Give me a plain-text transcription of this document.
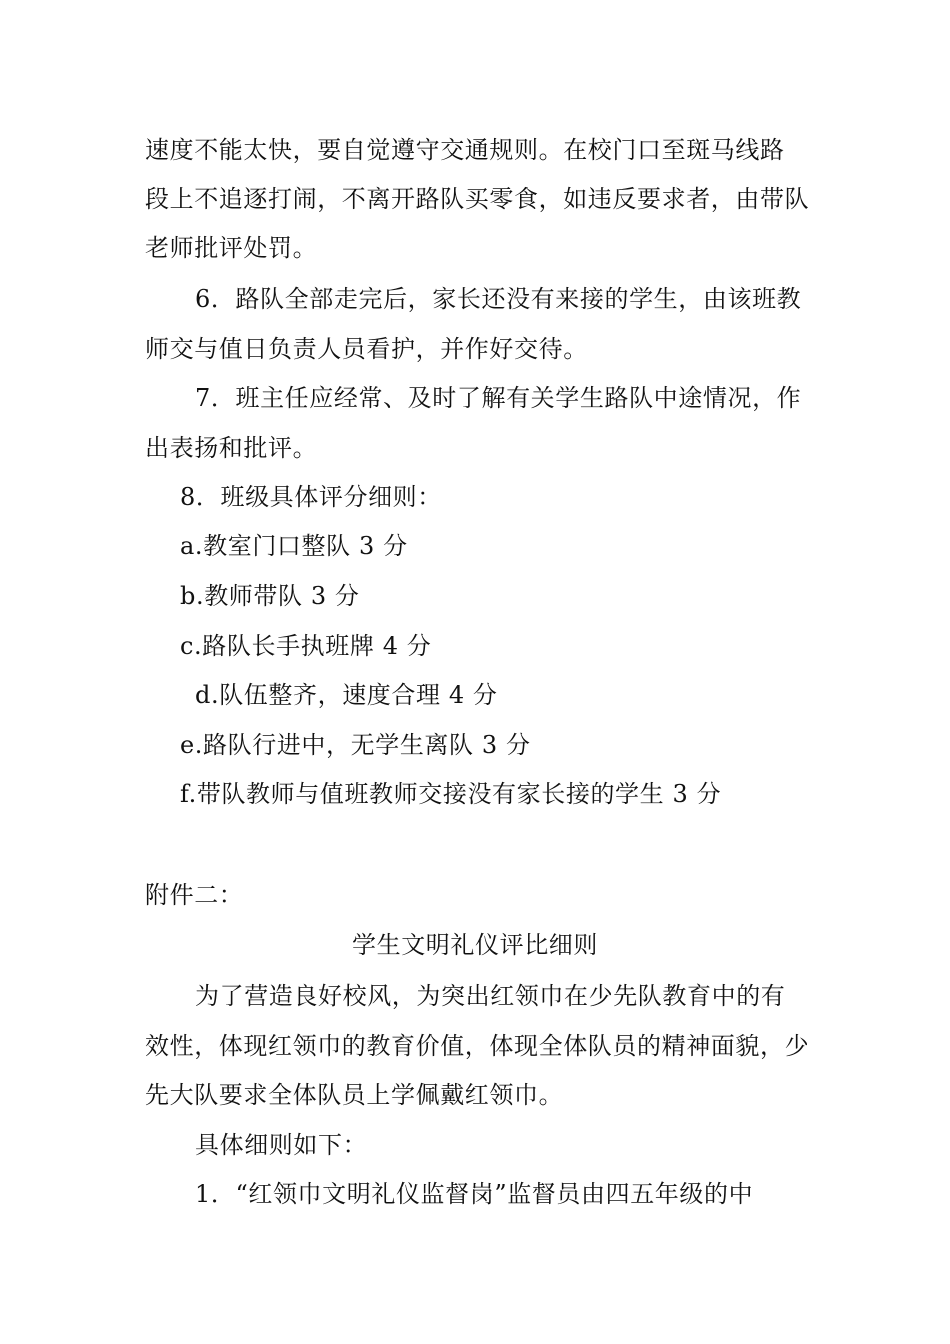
速度不能太快，要自觉遵守交通规则。在校门口至斑马线路
段上不追逐打闹，不离开路队买零食，如违反要求者，由带队
老师批评处罚。
6．路队全部走完后，家长还没有来接的学生，由该班教
师交与值日负责人员看护，并作好交待。
7．班主任应经常、及时了解有关学生路队中途情况，作
出表扬和批评。
8．班级具体评分细则：
a.教室门口整队 3 分
b.教师带队 3 分
c.路队长手执班牌 4 分
d.队伍整齐，速度合理 4 分
e.路队行进中，无学生离队 3 分
f.带队教师与值班教师交接没有家长接的学生 3 分
附件二：
学生文明礼仪评比细则
为了营造良好校风，为突出红领巾在少先队教育中的有
效性，体现红领巾的教育价值，体现全体队员的精神面貌，少
先大队要求全体队员上学佩戴红领巾。
具体细则如下：
1．“红领巾文明礼仪监督岗”监督员由四五年级的中
